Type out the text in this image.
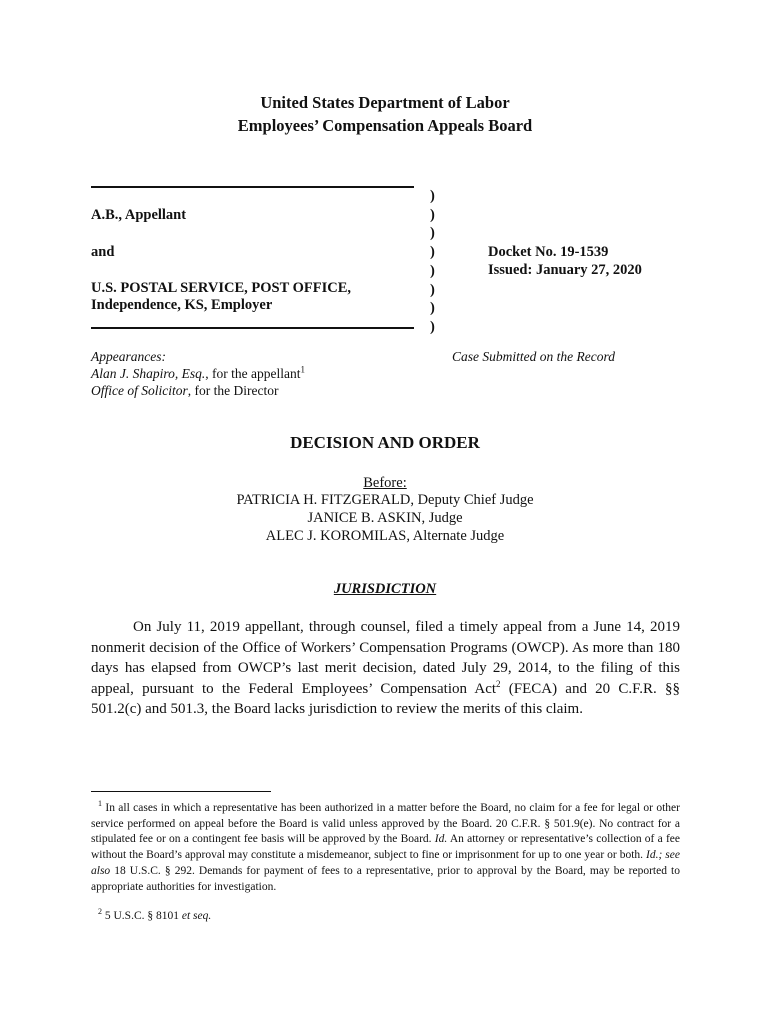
United States Department of Labor
Employees’ Compensation Appeals Board
A.B., Appellant
and
U.S. POSTAL SERVICE, POST OFFICE,
Independence, KS, Employer
)
)
)
)
)
)
)
)
Docket No. 19-1539
Issued: January 27, 2020
Appearances:
Alan J. Shapiro, Esq., for the appellant$^1$
Office of Solicitor, for the Director
Case Submitted on the Record
DECISION AND ORDER
Before:
PATRICIA H. FITZGERALD, Deputy Chief Judge
JANICE B. ASKIN, Judge
ALEC J. KOROMILAS, Alternate Judge
JURISDICTION
On July 11, 2019 appellant, through counsel, filed a timely appeal from a June 14, 2019 nonmerit decision of the Office of Workers’ Compensation Programs (OWCP). As more than 180 days has elapsed from OWCP’s last merit decision, dated July 29, 2014, to the filing of this appeal, pursuant to the Federal Employees’ Compensation Act$^2$ (FECA) and 20 C.F.R. §§ 501.2(c) and 501.3, the Board lacks jurisdiction to review the merits of this claim.
$^1$ In all cases in which a representative has been authorized in a matter before the Board, no claim for a fee for legal or other service performed on appeal before the Board is valid unless approved by the Board. 20 C.F.R. § 501.9(e). No contract for a stipulated fee or on a contingent fee basis will be approved by the Board. Id. An attorney or representative’s collection of a fee without the Board’s approval may constitute a misdemeanor, subject to fine or imprisonment for up to one year or both. Id.; see also 18 U.S.C. § 292. Demands for payment of fees to a representative, prior to approval by the Board, may be reported to appropriate authorities for investigation.
$^2$ 5 U.S.C. § 8101 et seq.
